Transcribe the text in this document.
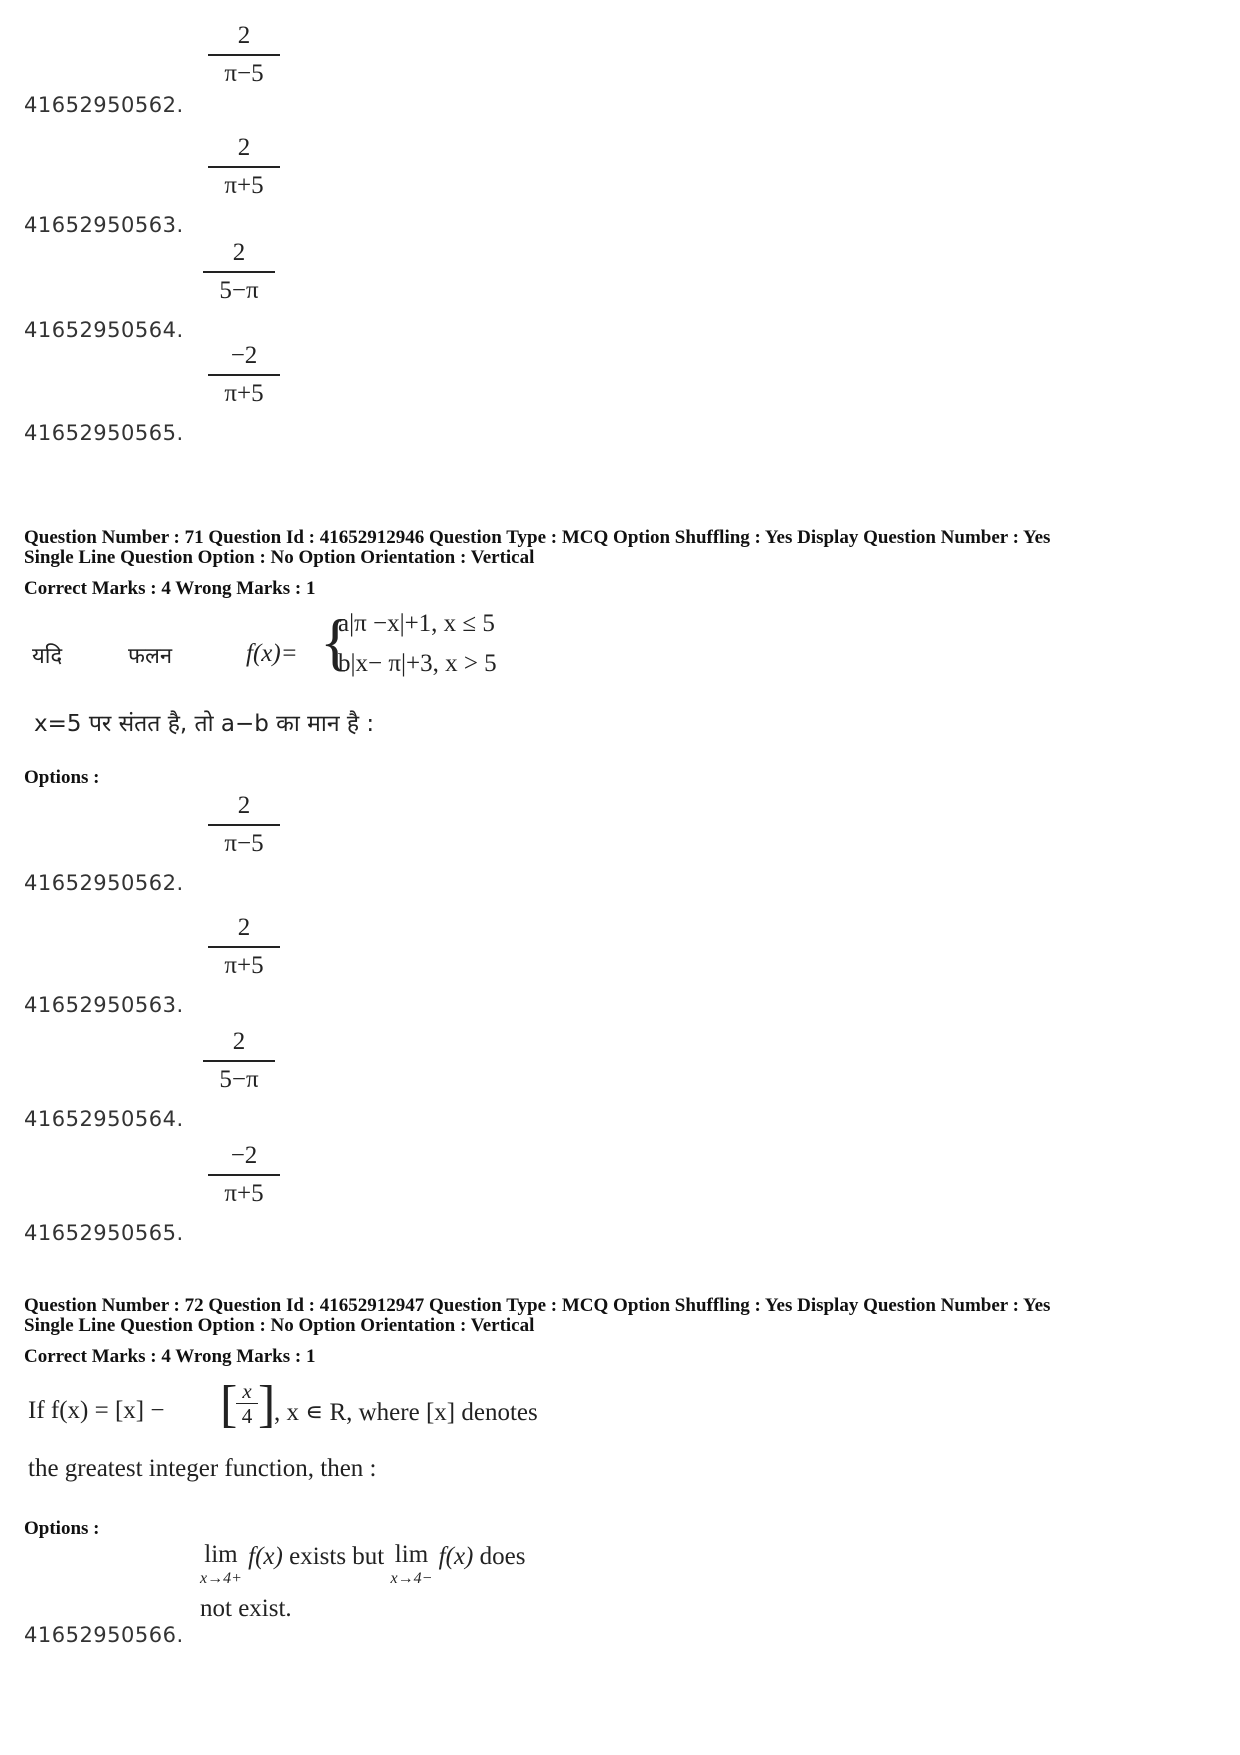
2
π−5
41652950562.
2
π+5
41652950563.
2
5−π
41652950564.
−2
π+5
41652950565.
Question Number : 71 Question Id : 41652912946 Question Type : MCQ Option Shuffling : Yes Display Question Number : Yes
Single Line Question Option : No Option Orientation : Vertical
Correct Marks : 4 Wrong Marks : 1
यदि	फलन	f(x)= {
a|π −x|+1, x ≤ 5
b|x− π|+3, x > 5
x=5 पर संतत है, तो a−b का मान है :
Options :
2
π−5
41652950562.
2
π+5
41652950563.
2
5−π
41652950564.
−2
π+5
41652950565.
Question Number : 72 Question Id : 41652912947 Question Type : MCQ Option Shuffling : Yes Display Question Number : Yes
Single Line Question Option : No Option Orientation : Vertical
Correct Marks : 4 Wrong Marks : 1
If f(x) = [x] − [ x
4 ]
, x ∊ R, where [x] denotes
the greatest integer function, then :
Options :
lim
x→4+
f(x) exists but lim
x→4−
f(x) does
not exist.
41652950566.
